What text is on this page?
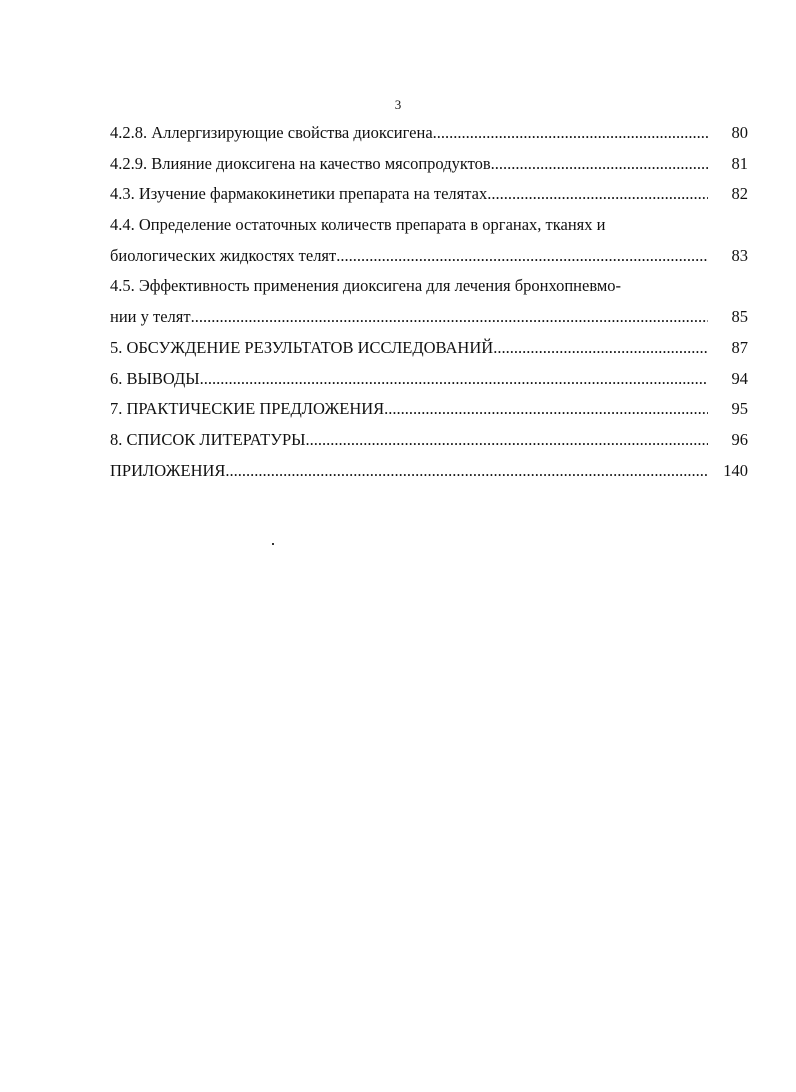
3
4.2.8. Аллергизирующие свойства диоксигена .....	80
4.2.9. Влияние диоксигена на качество мясопродуктов .....	81
4.3. Изучение фармакокинетики препарата на телятах .....	82
4.4. Определение остаточных количеств препарата в органах, тканях и
биологических жидкостях телят .....	83
4.5. Эффективность применения диоксигена для лечения бронхопневмо-
нии у телят .....	85
5. ОБСУЖДЕНИЕ РЕЗУЛЬТАТОВ ИССЛЕДОВАНИЙ .....	87
6. ВЫВОДЫ .....	94
7. ПРАКТИЧЕСКИЕ ПРЕДЛОЖЕНИЯ .....	95
8. СПИСОК ЛИТЕРАТУРЫ .....	96
ПРИЛОЖЕНИЯ .....	140
